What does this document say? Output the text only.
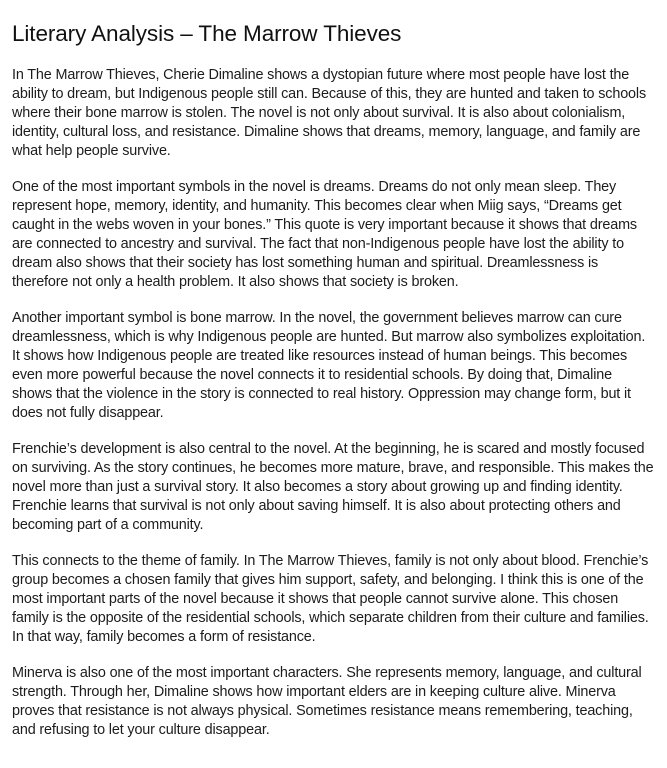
Literary Analysis – The Marrow Thieves

In The Marrow Thieves, Cherie Dimaline shows a dystopian future where most people have lost the ability to dream, but Indigenous people still can. Because of this, they are hunted and taken to schools where their bone marrow is stolen. The novel is not only about survival. It is also about colonialism, identity, cultural loss, and resistance. Dimaline shows that dreams, memory, language, and family are what help people survive.

One of the most important symbols in the novel is dreams. Dreams do not only mean sleep. They represent hope, memory, identity, and humanity. This becomes clear when Miig says, “Dreams get caught in the webs woven in your bones.” This quote is very important because it shows that dreams are connected to ancestry and survival. The fact that non-Indigenous people have lost the ability to dream also shows that their society has lost something human and spiritual. Dreamlessness is therefore not only a health problem. It also shows that society is broken.

Another important symbol is bone marrow. In the novel, the government believes marrow can cure dreamlessness, which is why Indigenous people are hunted. But marrow also symbolizes exploitation. It shows how Indigenous people are treated like resources instead of human beings. This becomes even more powerful because the novel connects it to residential schools. By doing that, Dimaline shows that the violence in the story is connected to real history. Oppression may change form, but it does not fully disappear.

Frenchie’s development is also central to the novel. At the beginning, he is scared and mostly focused on surviving. As the story continues, he becomes more mature, brave, and responsible. This makes the novel more than just a survival story. It also becomes a story about growing up and finding identity. Frenchie learns that survival is not only about saving himself. It is also about protecting others and becoming part of a community.

This connects to the theme of family. In The Marrow Thieves, family is not only about blood. Frenchie’s group becomes a chosen family that gives him support, safety, and belonging. I think this is one of the most important parts of the novel because it shows that people cannot survive alone. This chosen family is the opposite of the residential schools, which separate children from their culture and families. In that way, family becomes a form of resistance.

Minerva is also one of the most important characters. She represents memory, language, and cultural strength. Through her, Dimaline shows how important elders are in keeping culture alive. Minerva proves that resistance is not always physical. Sometimes resistance means remembering, teaching, and refusing to let your culture disappear.
